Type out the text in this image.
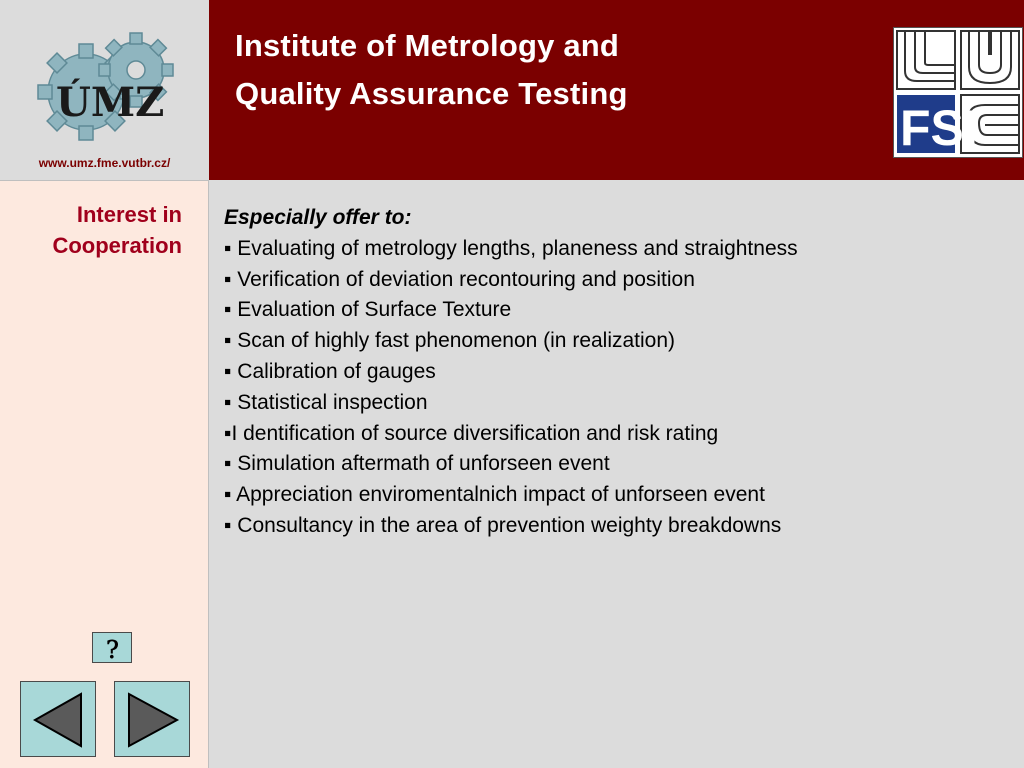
ÚMZ
www.umz.fme.vutbr.cz/
Institute of Metrology and
Quality Assurance Testing
FSI
Interest in
Cooperation
?
Especially offer to:
▪ Evaluating of metrology lengths, planeness and straightness
▪ Verification of deviation recontouring and position
▪ Evaluation of Surface Texture
▪ Scan of highly fast phenomenon (in realization)
▪ Calibration of gauges
▪ Statistical inspection
▪I dentification of source diversification and risk rating
▪ Simulation aftermath of unforseen event
▪ Appreciation enviromentalnich impact of unforseen event
▪ Consultancy in the area of prevention weighty breakdowns
